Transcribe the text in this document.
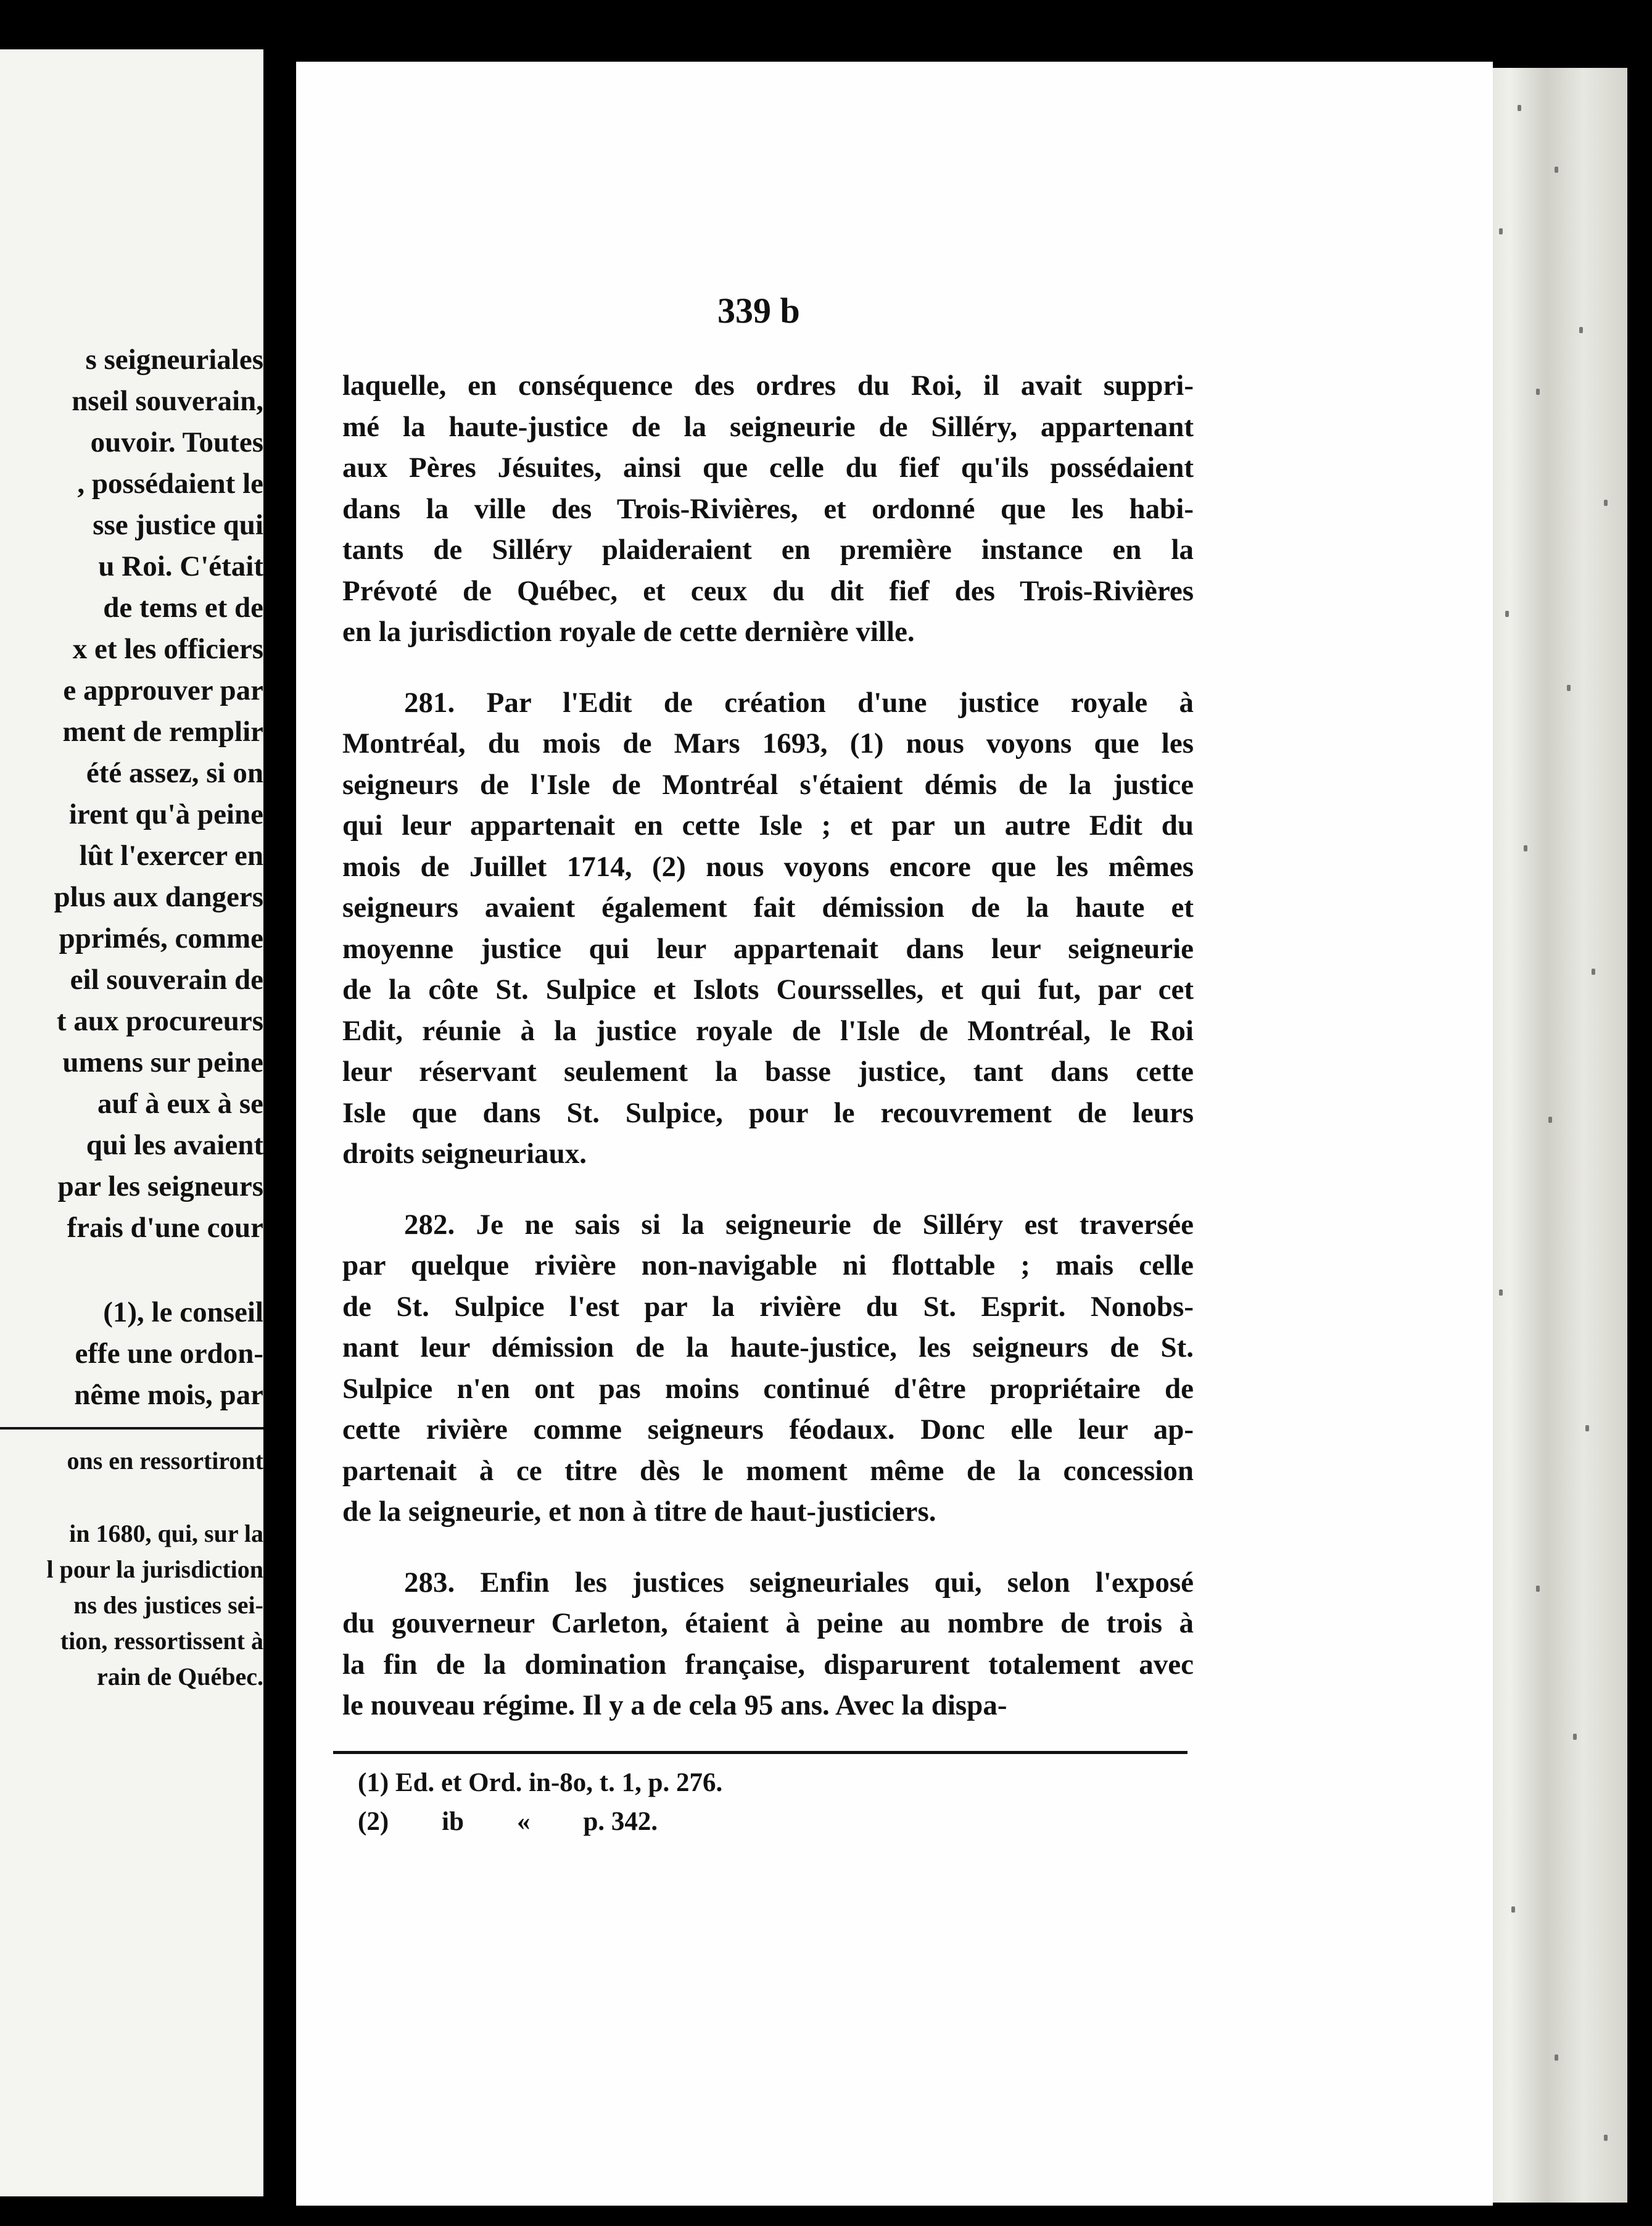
s seigneuriales
nseil souverain,
ouvoir. Toutes
, possédaient le
sse justice qui
u Roi. C'était
de tems et de
x et les officiers
e approuver par
ment de remplir
été assez, si on
irent qu'à peine
lût l'exercer en
plus aux dangers
pprimés, comme
eil souverain de
t aux procureurs
umens sur peine
auf à eux à se
qui les avaient
par les seigneurs
frais d'une cour
(1), le conseil
effe une ordon-
nême mois, par
ons en ressortiront
in 1680, qui, sur la
l pour la jurisdiction
ns des justices sei-
tion, ressortissent à
rain de Québec.
339 b
laquelle, en conséquence des ordres du Roi, il avait suppri-
mé la haute-justice de la seigneurie de Silléry, appartenant
aux Pères Jésuites, ainsi que celle du fief qu'ils possédaient
dans la ville des Trois-Rivières, et ordonné que les habi-
tants de Silléry plaideraient en première instance en la
Prévoté de Québec, et ceux du dit fief des Trois-Rivières
en la jurisdiction royale de cette dernière ville.
281. Par l'Edit de création d'une justice royale à
Montréal, du mois de Mars 1693, (1) nous voyons que les
seigneurs de l'Isle de Montréal s'étaient démis de la justice
qui leur appartenait en cette Isle ; et par un autre Edit du
mois de Juillet 1714, (2) nous voyons encore que les mêmes
seigneurs avaient également fait démission de la haute et
moyenne justice qui leur appartenait dans leur seigneurie
de la côte St. Sulpice et Islots Coursselles, et qui fut, par cet
Edit, réunie à la justice royale de l'Isle de Montréal, le Roi
leur réservant seulement la basse justice, tant dans cette
Isle que dans St. Sulpice, pour le recouvrement de leurs
droits seigneuriaux.
282. Je ne sais si la seigneurie de Silléry est traversée
par quelque rivière non-navigable ni flottable ; mais celle
de St. Sulpice l'est par la rivière du St. Esprit. Nonobs-
nant leur démission de la haute-justice, les seigneurs de St.
Sulpice n'en ont pas moins continué d'être propriétaire de
cette rivière comme seigneurs féodaux. Donc elle leur ap-
partenait à ce titre dès le moment même de la concession
de la seigneurie, et non à titre de haut-justiciers.
283. Enfin les justices seigneuriales qui, selon l'exposé
du gouverneur Carleton, étaient à peine au nombre de trois à
la fin de la domination française, disparurent totalement avec
le nouveau régime. Il y a de cela 95 ans. Avec la dispa-
(1) Ed. et Ord. in-8o, t. 1, p. 276.
(2)        ib        «        p. 342.
